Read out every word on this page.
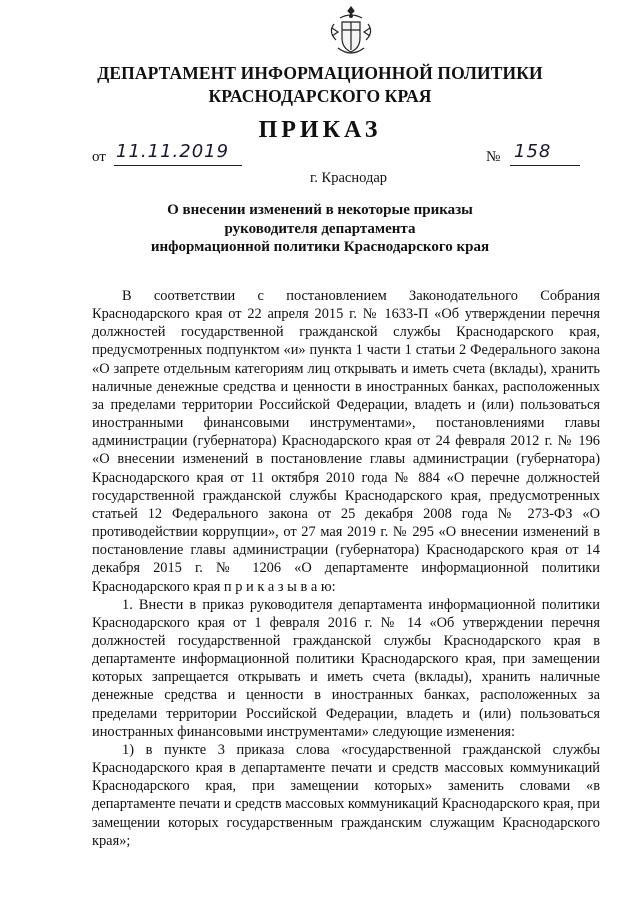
ДЕПАРТАМЕНТ ИНФОРМАЦИОННОЙ ПОЛИТИКИ
КРАСНОДАРСКОГО КРАЯ
ПРИКАЗ
от 11.11.2019	№ 158
г. Краснодар
О внесении изменений в некоторые приказы
руководителя департамента
информационной политики Краснодарского края

В соответствии с постановлением Законодательного Собрания Краснодарского края от 22 апреля 2015 г. № 1633-П «Об утверждении перечня должностей государственной гражданской службы Краснодарского края, предусмотренных подпунктом «и» пункта 1 части 1 статьи 2 Федерального закона «О запрете отдельным категориям лиц открывать и иметь счета (вклады), хранить наличные денежные средства и ценности в иностранных банках, расположенных за пределами территории Российской Федерации, владеть и (или) пользоваться иностранными финансовыми инструментами», постановлениями главы администрации (губернатора) Краснодарского края от 24 февраля 2012 г. № 196 «О внесении изменений в постановление главы администрации (губернатора) Краснодарского края от 11 октября 2010 года № 884 «О перечне должностей государственной гражданской службы Краснодарского края, предусмотренных статьей 12 Федерального закона от 25 декабря 2008 года № 273-ФЗ «О противодействии коррупции», от 27 мая 2019 г. № 295 «О внесении изменений в постановление главы администрации (губернатора) Краснодарского края от 14 декабря 2015 г. № 1206 «О департаменте информационной политики Краснодарского края п р и к а з ы в а ю:

1. Внести в приказ руководителя департамента информационной политики Краснодарского края от 1 февраля 2016 г. № 14 «Об утверждении перечня должностей государственной гражданской службы Краснодарского края в департаменте информационной политики Краснодарского края, при замещении которых запрещается открывать и иметь счета (вклады), хранить наличные денежные средства и ценности в иностранных банках, расположенных за пределами территории Российской Федерации, владеть и (или) пользоваться иностранных финансовыми инструментами» следующие изменения:

1) в пункте 3 приказа слова «государственной гражданской службы Краснодарского края в департаменте печати и средств массовых коммуникаций Краснодарского края, при замещении которых» заменить словами «в департаменте печати и средств массовых коммуникаций Краснодарского края, при замещении которых государственным гражданским служащим Краснодарского края»;
